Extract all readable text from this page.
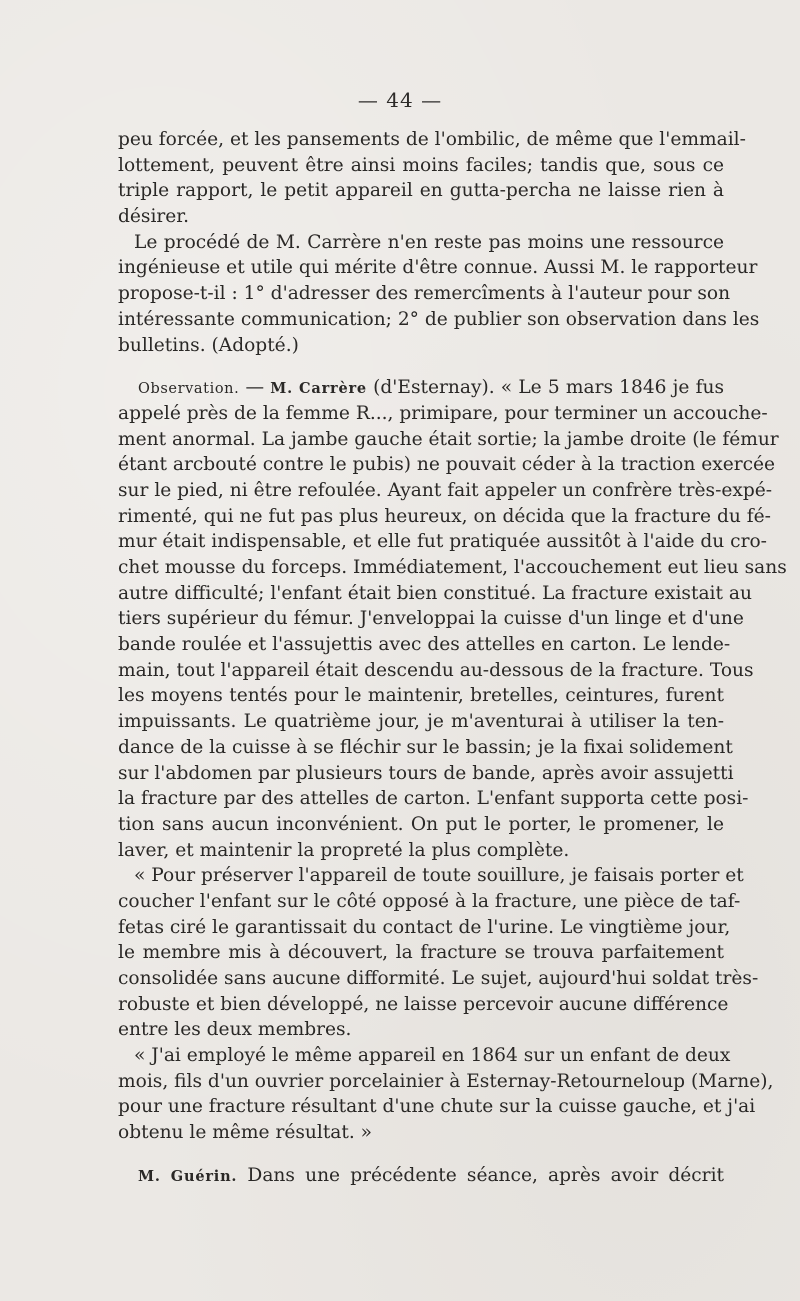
— 44 —
peu forcée, et les pansements de l'ombilic, de même que l'emmail-
lottement, peuvent être ainsi moins faciles; tandis que, sous ce
triple rapport, le petit appareil en gutta-percha ne laisse rien à
désirer.
Le procédé de M. Carrère n'en reste pas moins une ressource
ingénieuse et utile qui mérite d'être connue. Aussi M. le rapporteur
propose-t-il : 1° d'adresser des remercîments à l'auteur pour son
intéressante communication; 2° de publier son observation dans les
bulletins. (Adopté.)
Observation. — M. Carrère (d'Esternay). « Le 5 mars 1846 je fus
appelé près de la femme R..., primipare, pour terminer un accouche-
ment anormal. La jambe gauche était sortie; la jambe droite (le fémur
étant arcbouté contre le pubis) ne pouvait céder à la traction exercée
sur le pied, ni être refoulée. Ayant fait appeler un confrère très-expé-
rimenté, qui ne fut pas plus heureux, on décida que la fracture du fé-
mur était indispensable, et elle fut pratiquée aussitôt à l'aide du cro-
chet mousse du forceps. Immédiatement, l'accouchement eut lieu sans
autre difficulté; l'enfant était bien constitué. La fracture existait au
tiers supérieur du fémur. J'enveloppai la cuisse d'un linge et d'une
bande roulée et l'assujettis avec des attelles en carton. Le lende-
main, tout l'appareil était descendu au-dessous de la fracture. Tous
les moyens tentés pour le maintenir, bretelles, ceintures, furent
impuissants. Le quatrième jour, je m'aventurai à utiliser la ten-
dance de la cuisse à se fléchir sur le bassin; je la fixai solidement
sur l'abdomen par plusieurs tours de bande, après avoir assujetti
la fracture par des attelles de carton. L'enfant supporta cette posi-
tion sans aucun inconvénient. On put le porter, le promener, le
laver, et maintenir la propreté la plus complète.
« Pour préserver l'appareil de toute souillure, je faisais porter et
coucher l'enfant sur le côté opposé à la fracture, une pièce de taf-
fetas ciré le garantissait du contact de l'urine. Le vingtième jour,
le membre mis à découvert, la fracture se trouva parfaitement
consolidée sans aucune difformité. Le sujet, aujourd'hui soldat très-
robuste et bien développé, ne laisse percevoir aucune différence
entre les deux membres.
« J'ai employé le même appareil en 1864 sur un enfant de deux
mois, fils d'un ouvrier porcelainier à Esternay-Retourneloup (Marne),
pour une fracture résultant d'une chute sur la cuisse gauche, et j'ai
obtenu le même résultat. »
M. Guérin. Dans une précédente séance, après avoir décrit
